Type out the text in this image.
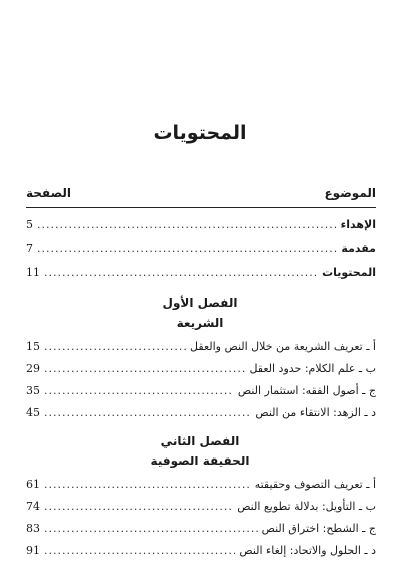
المحتويات
الموضوع
الصفحة
الإهداء
.....
5
مقدمة
.....
7
المحتويات
.....
11
الفصل الأول
الشريعة
أ ـ تعريف الشريعة من خلال النص والعقل
.....
15
ب ـ علم الكلام: حدود العقل
.....
29
ج ـ أصول الفقه: استثمار النص
.....
35
د ـ الزهد: الانتقاء من النص
.....
45
الفصل الثاني
الحقيقة الصوفية
أ ـ تعريف التصوف وحقيقته
.....
61
ب ـ التأويل: بدلالة تطويع النص
.....
74
ج ـ الشطح: اختراق النص
.....
83
د ـ الحلول والاتحاد: إلغاء النص
.....
91
